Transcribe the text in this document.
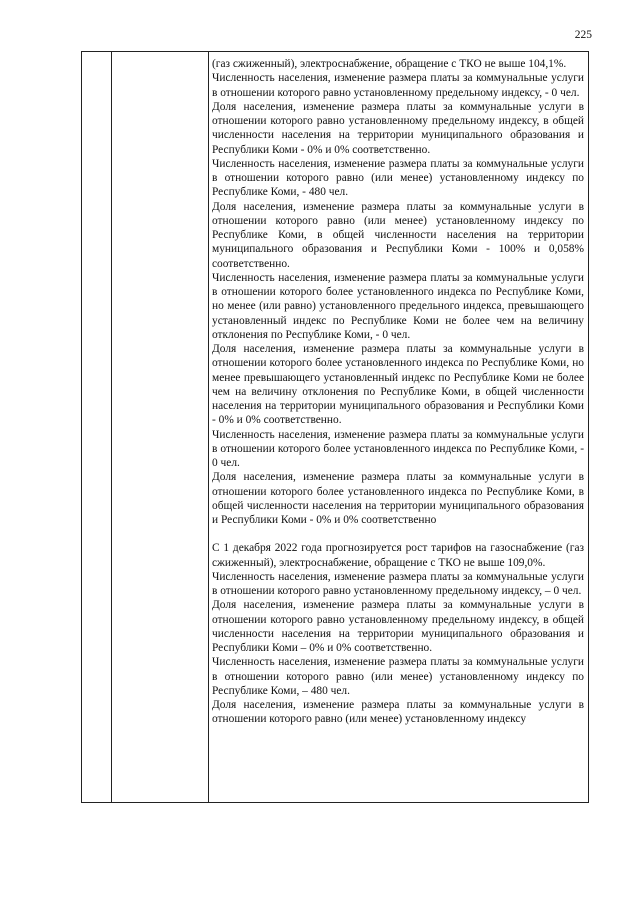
225

(газ сжиженный), электроснабжение, обращение с ТКО не выше 104,1%.

Численность населения, изменение размера платы за коммунальные услуги в отношении которого равно установленному предельному индексу, - 0 чел.

Доля населения, изменение размера платы за коммунальные услуги в отношении которого равно установленному предельному индексу, в общей численности населения на территории муниципального образования и Республики Коми - 0% и 0% соответственно.

Численность населения, изменение размера платы за коммунальные услуги в отношении которого равно (или менее) установленному индексу по Республике Коми, - 480 чел.

Доля населения, изменение размера платы за коммунальные услуги в отношении которого равно (или менее) установленному индексу по Республике Коми, в общей численности населения на территории муниципального образования и Республики Коми - 100% и 0,058% соответственно.

Численность населения, изменение размера платы за коммунальные услуги в отношении которого более установленного индекса по Республике Коми, но менее (или равно) установленного предельного индекса, превышающего установленный индекс по Республике Коми не более чем на величину отклонения по Республике Коми, - 0 чел.

Доля населения, изменение размера платы за коммунальные услуги в отношении которого более установленного индекса по Республике Коми, но менее превышающего установленный индекс по Республике Коми не более чем на величину отклонения по Республике Коми, в общей численности населения на территории муниципального образования и Республики Коми - 0% и 0% соответственно.

Численность населения, изменение размера платы за коммунальные услуги в отношении которого более установленного индекса по Республике Коми, - 0 чел.

Доля населения, изменение размера платы за коммунальные услуги в отношении которого более установленного индекса по Республике Коми, в общей численности населения на территории муниципального образования и Республики Коми - 0% и 0% соответственно

С 1 декабря 2022 года прогнозируется рост тарифов на газоснабжение (газ сжиженный), электроснабжение, обращение с ТКО не выше 109,0%.

Численность населения, изменение размера платы за коммунальные услуги в отношении которого равно установленному предельному индексу, – 0 чел.

Доля населения, изменение размера платы за коммунальные услуги в отношении которого равно установленному предельному индексу, в общей численности населения на территории муниципального образования и Республики Коми – 0% и 0% соответственно.

Численность населения, изменение размера платы за коммунальные услуги в отношении которого равно (или менее) установленному индексу по Республике Коми, – 480 чел.

Доля населения, изменение размера платы за коммунальные услуги в отношении которого равно (или менее) установленному индексу
